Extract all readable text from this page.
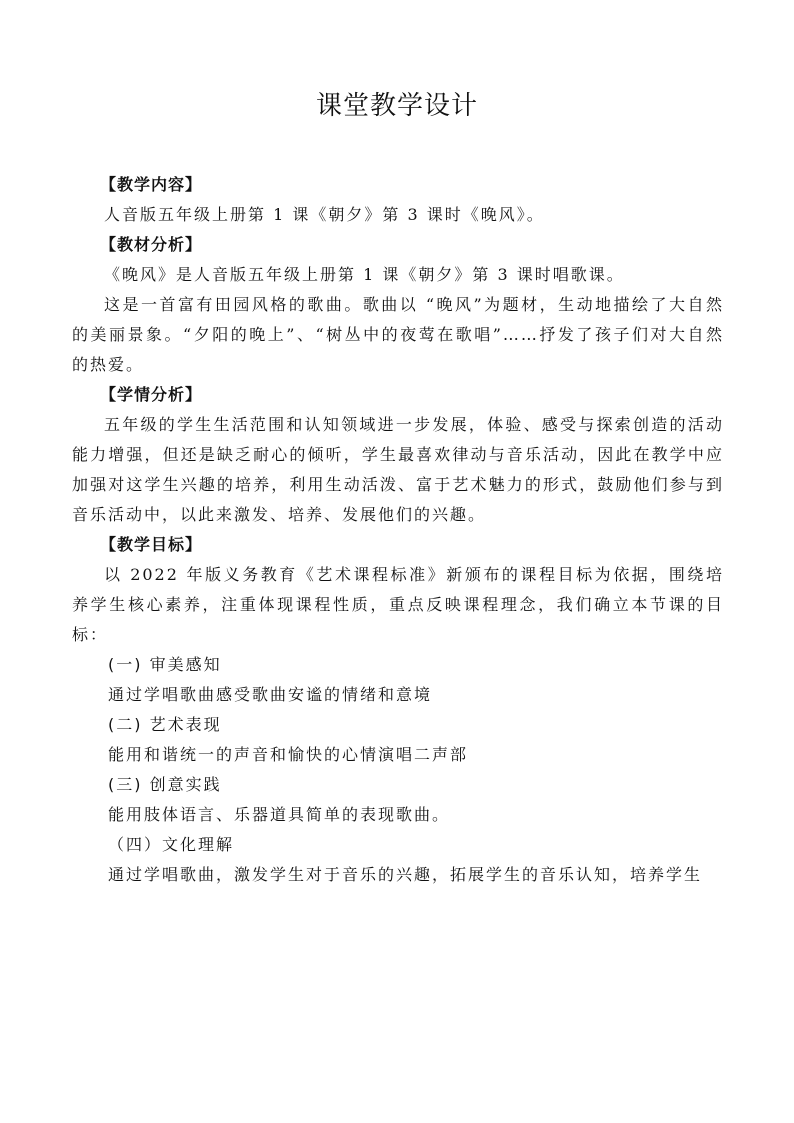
课堂教学设计
【教学内容】
人音版五年级上册第 1 课《朝夕》第 3 课时《晚风》。
【教材分析】
《晚风》是人音版五年级上册第 1 课《朝夕》第 3 课时唱歌课。
这是一首富有田园风格的歌曲。歌曲以 “晚风”为题材，生动地描绘了大自然的美丽景象。“夕阳的晚上”、“树丛中的夜莺在歌唱”……抒发了孩子们对大自然的热爱。
【学情分析】
五年级的学生生活范围和认知领域进一步发展，体验、感受与探索创造的活动能力增强，但还是缺乏耐心的倾听，学生最喜欢律动与音乐活动，因此在教学中应加强对这学生兴趣的培养，利用生动活泼、富于艺术魅力的形式，鼓励他们参与到音乐活动中，以此来激发、培养、发展他们的兴趣。
【教学目标】
以 2022 年版义务教育《艺术课程标准》新颁布的课程目标为依据，围绕培养学生核心素养，注重体现课程性质，重点反映课程理念，我们确立本节课的目标：
(一) 审美感知
通过学唱歌曲感受歌曲安谧的情绪和意境
(二) 艺术表现
能用和谐统一的声音和愉快的心情演唱二声部
(三) 创意实践
能用肢体语言、乐器道具简单的表现歌曲。
（四）文化理解
通过学唱歌曲，激发学生对于音乐的兴趣，拓展学生的音乐认知，培养学生
